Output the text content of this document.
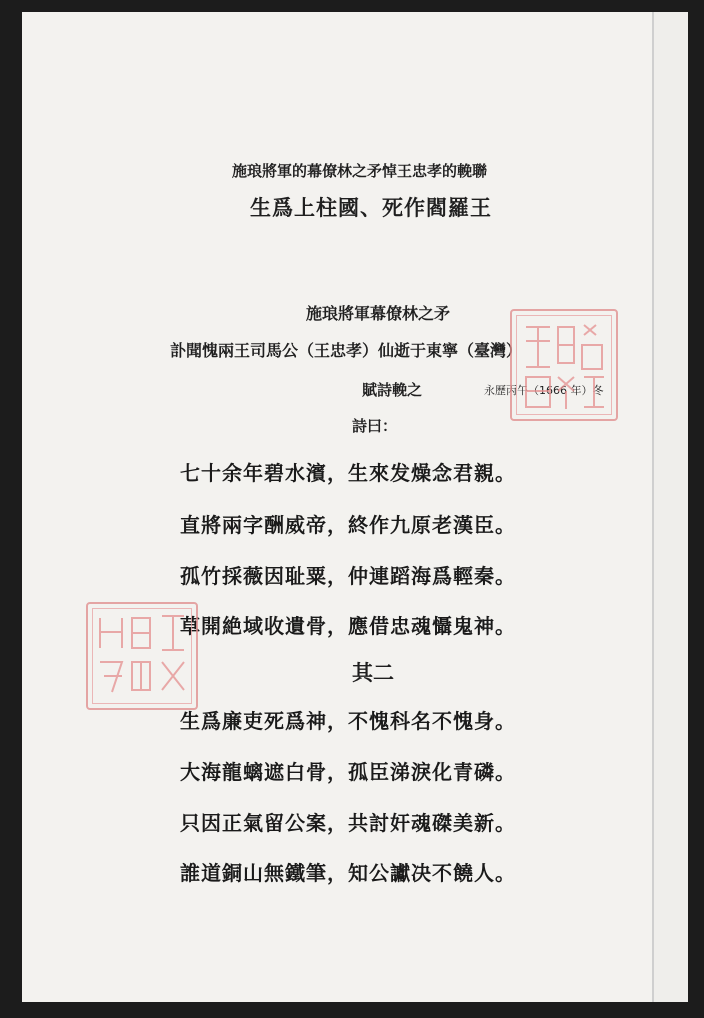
施琅將軍的幕僚林之矛悼王忠孝的輓聯
生爲上柱國、死作閻羅王
施琅將軍幕僚林之矛
訃聞愧兩王司馬公（王忠孝）仙逝于東寧（臺灣）
賦詩輓之	永歷丙午（1666 年）冬
詩曰：
七十余年碧水濱，生來发燥念君親。
直將兩字酬威帝，終作九原老漢臣。
孤竹採薇因耻粟，仲連蹈海爲輕秦。
草開絶域收遺骨，應借忠魂懾鬼神。
其二
生爲廉吏死爲神，不愧科名不愧身。
大海龍螭遮白骨，孤臣涕淚化青磷。
只因正氣留公案，共討奸魂磔美新。
誰道銅山無鐵筆，知公讞决不饒人。
